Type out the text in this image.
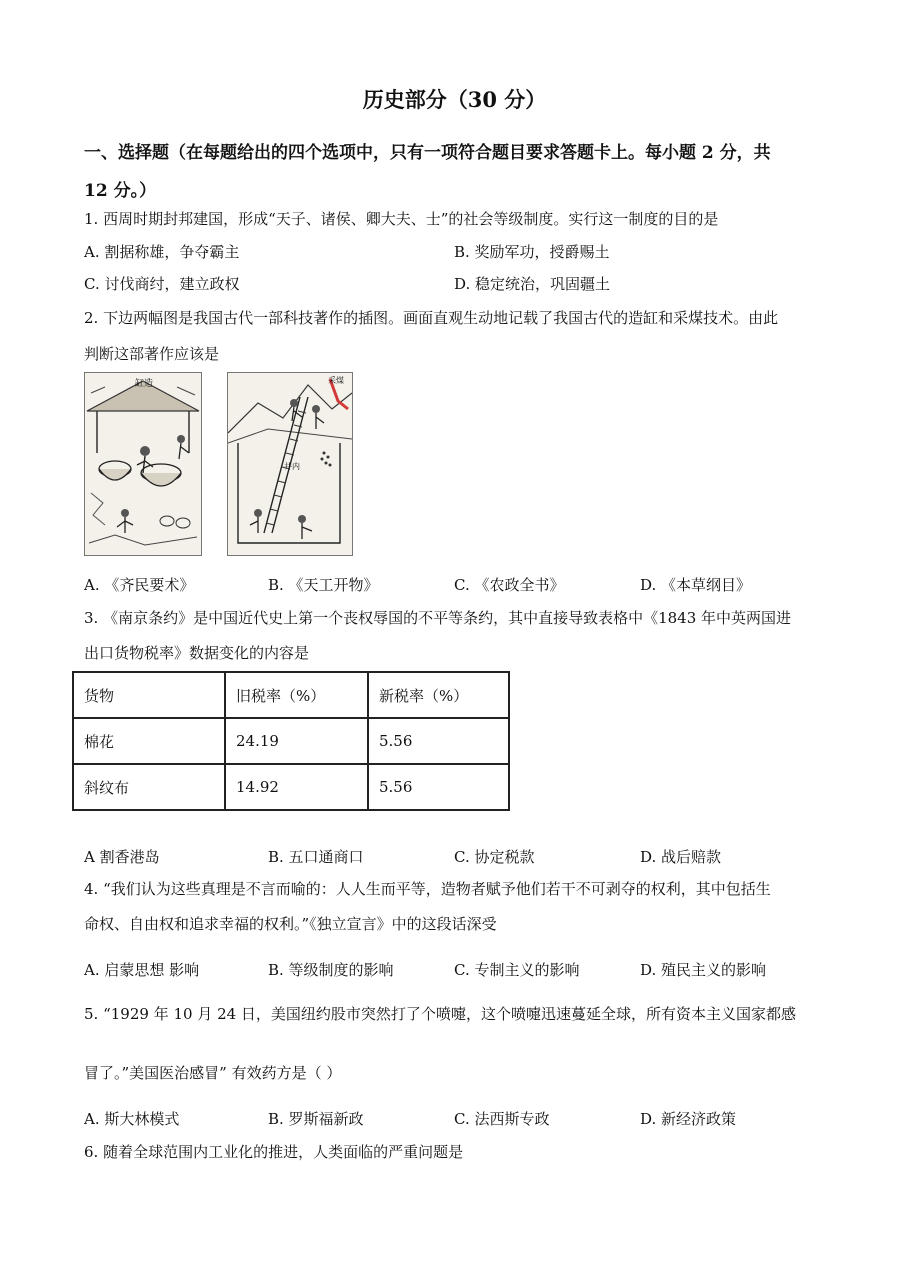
历史部分（30 分）
一、选择题（在每题给出的四个选项中，只有一项符合题目要求答题卡上。每小题 2 分，共
12 分。）
1. 西周时期封邦建国，形成“天子、诸侯、卿大夫、士”的社会等级制度。实行这一制度的目的是
A. 割据称雄，争夺霸主	B. 奖励军功，授爵赐土
C. 讨伐商纣，建立政权	D. 稳定统治，巩固疆土
2. 下边两幅图是我国古代一部科技著作的插图。画面直观生动地记载了我国古代的造缸和采煤技术。由此
判断这部著作应该是
缸造
井内
采煤
A. 《齐民要术》	B. 《天工开物》	C. 《农政全书》	D. 《本草纲目》
3. 《南京条约》是中国近代史上第一个丧权辱国的不平等条约，其中直接导致表格中《1843 年中英两国进
出口货物税率》数据变化的内容是
货物	旧税率（%）	新税率（%）
棉花	24.19	5.56
斜纹布	14.92	5.56
A 割香港岛	B. 五口通商口	C. 协定税款	D. 战后赔款
4. “我们认为这些真理是不言而喻的：人人生而平等，造物者赋予他们若干不可剥夺的权利，其中包括生
命权、自由权和追求幸福的权利。”《独立宣言》中的这段话深受
A. 启蒙思想 影响	B. 等级制度的影响	C. 专制主义的影响	D. 殖民主义的影响
5. “1929 年 10 月 24 日，美国纽约股市突然打了个喷嚏，这个喷嚏迅速蔓延全球，所有资本主义国家都感
冒了。”美国医治感冒” 有效药方是（ ）
A. 斯大林模式	B. 罗斯福新政	C. 法西斯专政	D. 新经济政策
6. 随着全球范围内工业化的推进，人类面临的严重问题是
